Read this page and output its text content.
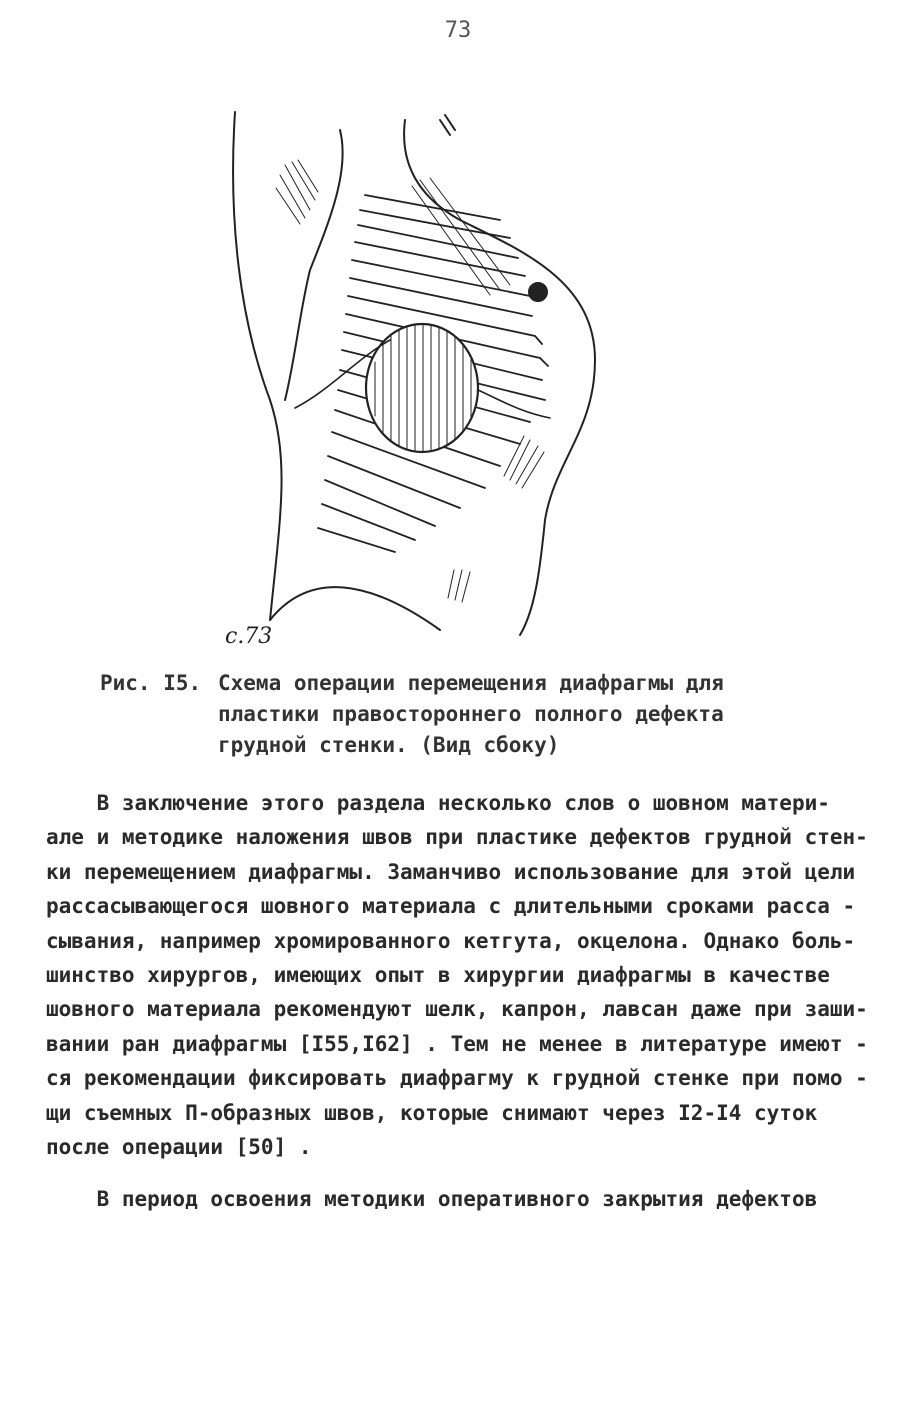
73
c.73
Рис. I5. Схема операции перемещения диафрагмы для
пластики правостороннего полного дефекта
грудной стенки. (Вид сбоку)
В заключение этого раздела несколько слов о шовном матери-
але и методике наложения швов при пластике дефектов грудной стен-
ки перемещением диафрагмы. Заманчиво использование для этой цели
рассасывающегося шовного материала с длительными сроками расса -
сывания, например хромированного кетгута, окцелона. Однако боль-
шинство хирургов, имеющих опыт в хирургии диафрагмы в качестве
шовного материала рекомендуют шелк, капрон, лавсан даже при заши-
вании ран диафрагмы [I55,I62] . Тем не менее в литературе имеют -
ся рекомендации фиксировать диафрагму к грудной стенке при помо -
щи съемных П-образных швов, которые снимают через I2-I4 суток
после операции [50] .
В период освоения методики оперативного закрытия дефектов
